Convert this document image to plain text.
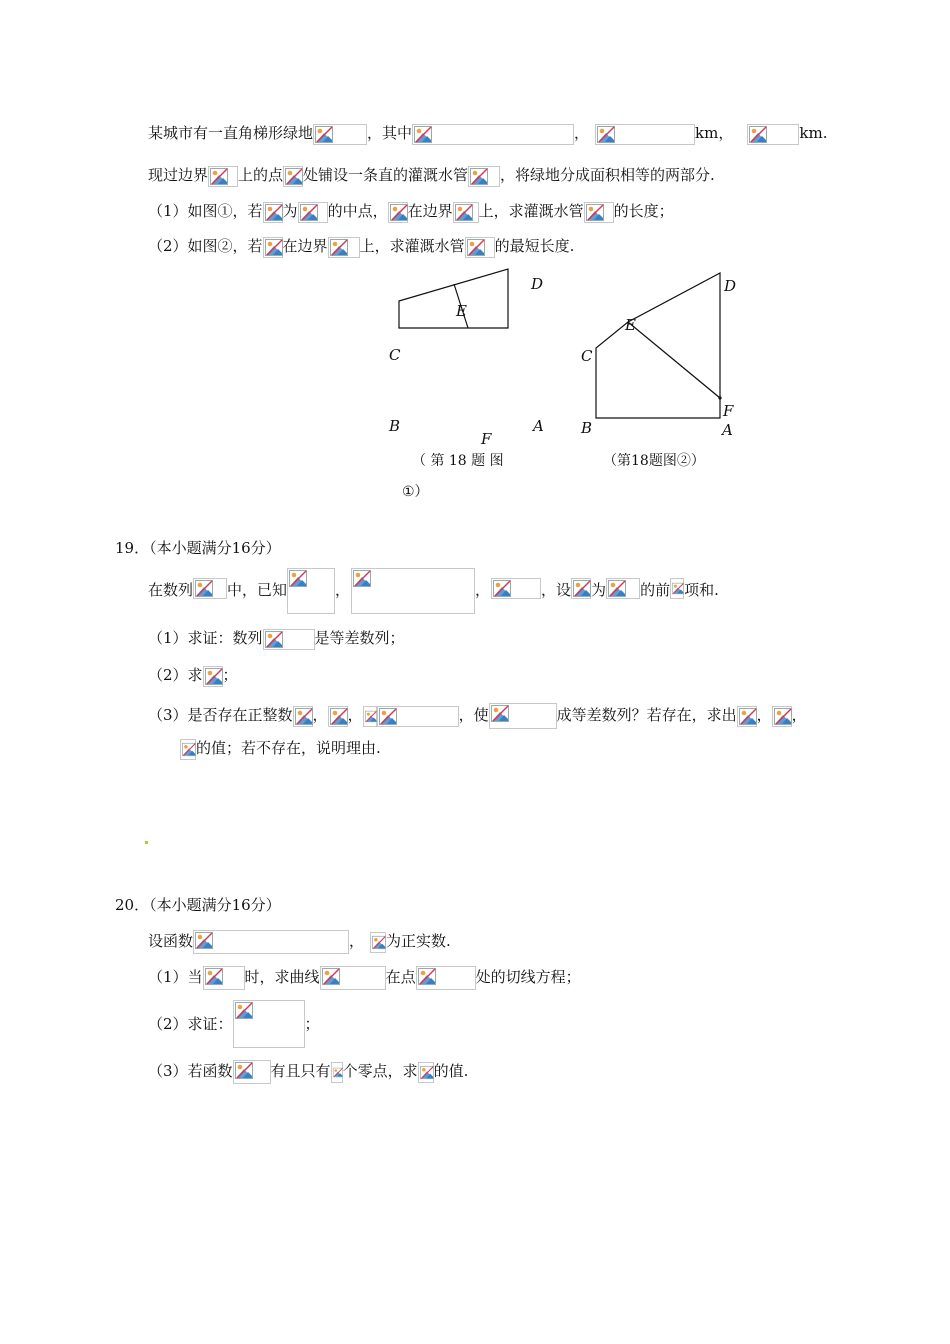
某城市有一直角梯形绿地	，其中	，	km，	km.
现过边界 上的点 处铺设一条直的灌溉水管 ，将绿地分成面积相等的两部分.
（1）如图①，若 为 的中点， 在边界 上，求灌溉水管 的长度；
（2）如图②，若 在边界 上，求灌溉水管 的最短长度.
D
E
C
B	A
F
（ 第 18 题 图
①）
D
E
C
F
B	A
（第18题图②）
19．（本小题满分16分）
在数列 中，已知	，	，	，设 为 的前 项和.
（1）求证：数列	是等差数列；
（2）求 ；
（3）是否存在正整数 ， ，	，使	成等差数列？若存在，求出 ， ，
的值；若不存在，说明理由.
20．（本小题满分16分）
设函数	， 为正实数.
（1）当	时，求曲线	在点	处的切线方程；
（2）求证：	；
（3）若函数	有且只有 个零点，求 的值.
